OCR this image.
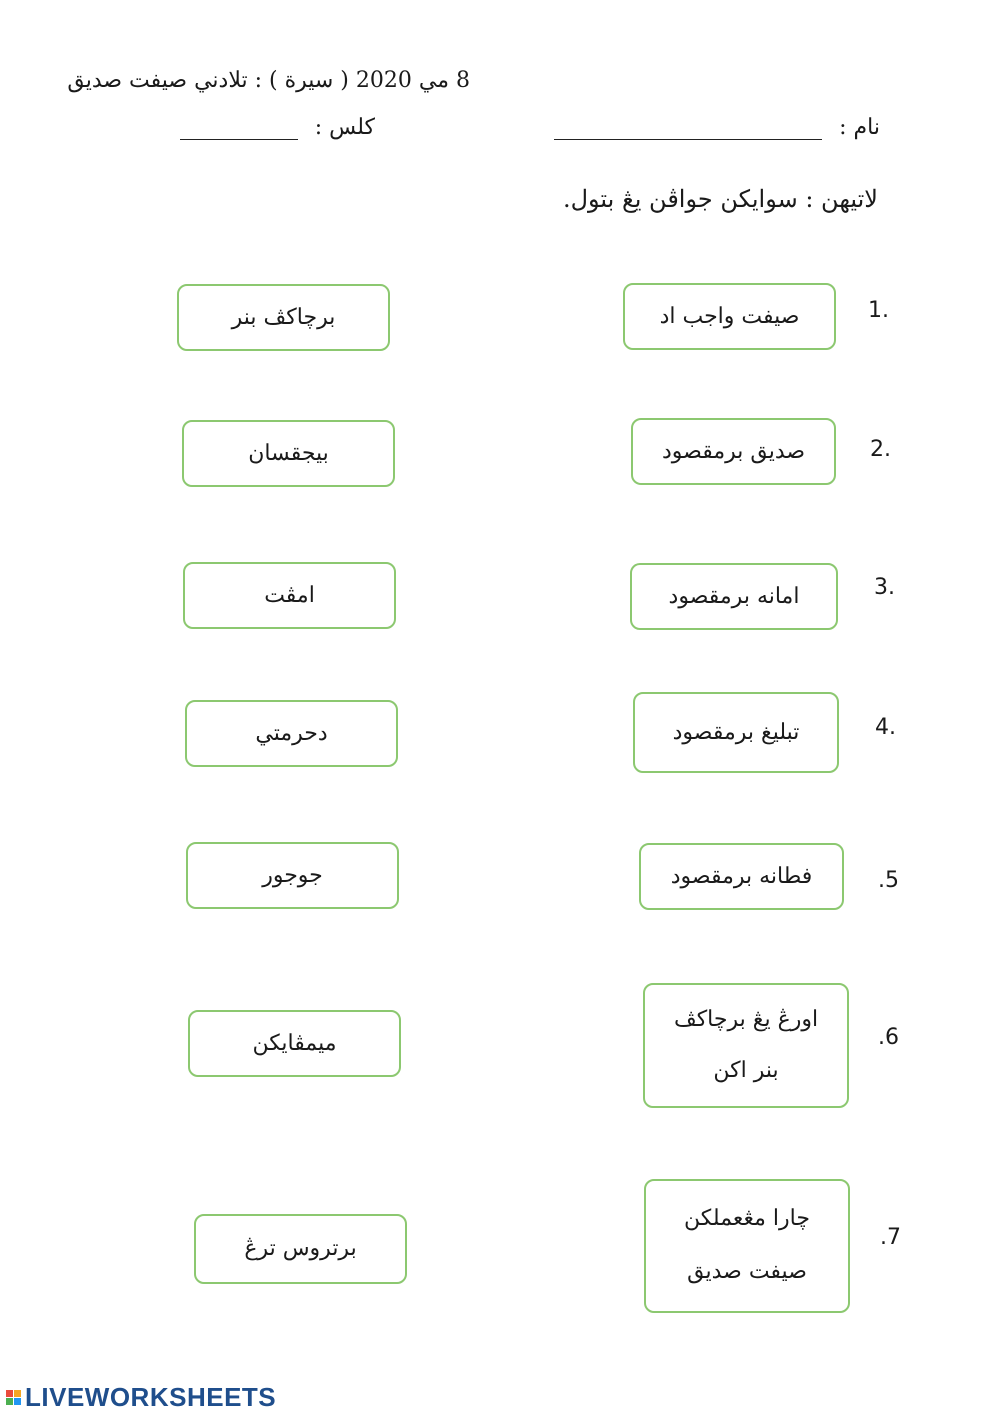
8 مي 2020 ( سيرة ) : تلادني صيفت صديق
نام :
كلس :
لاتيهن : سوايكن جواڤن يڠ بتول.
1.
2.
3.
4.
.5
.6
.7
صيفت واجب اد
صديق برمقصود
امانه برمقصود
تبليغ برمقصود
فطانه برمقصود
اورڠ يڠ برچاكڤ
بنر اكن
چارا مڠعملكن
صيفت صديق
برچاكڤ بنر
بيجقسان
امڤت
دحرمتي
جوجور
ميمڤايكن
برتروس ترڠ
LIVEWORKSHEETS
